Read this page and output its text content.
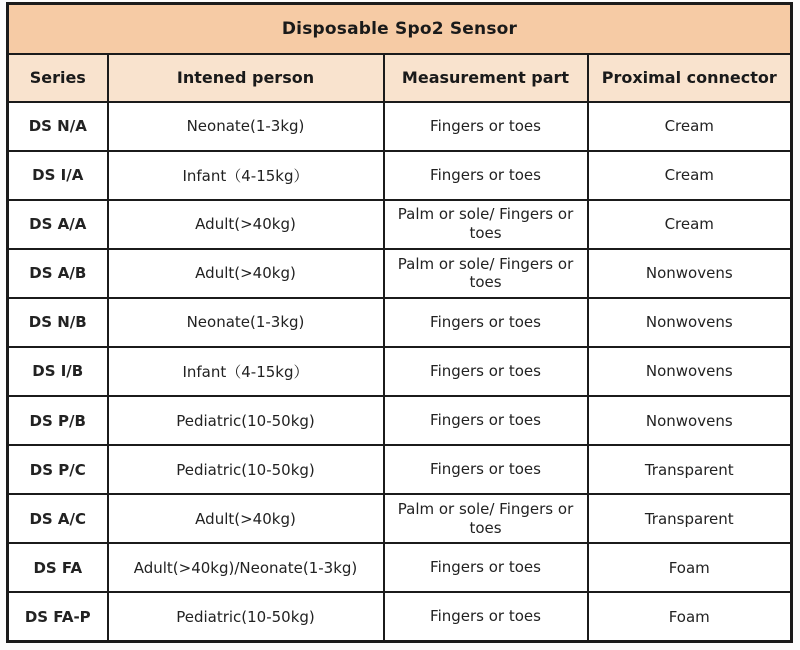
Disposable Spo2 Sensor			
Series	Intened person	Measurement part	Proximal connector
DS N/A	Neonate(1-3kg)	Fingers or toes	Cream
DS I/A	Infant（4-15kg）	Fingers or toes	Cream
DS A/A	Adult(>40kg)	Palm or sole/ Fingers or toes	Cream
DS A/B	Adult(>40kg)	Palm or sole/ Fingers or toes	Nonwovens
DS N/B	Neonate(1-3kg)	Fingers or toes	Nonwovens
DS I/B	Infant（4-15kg）	Fingers or toes	Nonwovens
DS P/B	Pediatric(10-50kg)	Fingers or toes	Nonwovens
DS P/C	Pediatric(10-50kg)	Fingers or toes	Transparent
DS A/C	Adult(>40kg)	Palm or sole/ Fingers or toes	Transparent
DS FA	Adult(>40kg)/Neonate(1-3kg)	Fingers or toes	Foam
DS FA-P	Pediatric(10-50kg)	Fingers or toes	Foam
